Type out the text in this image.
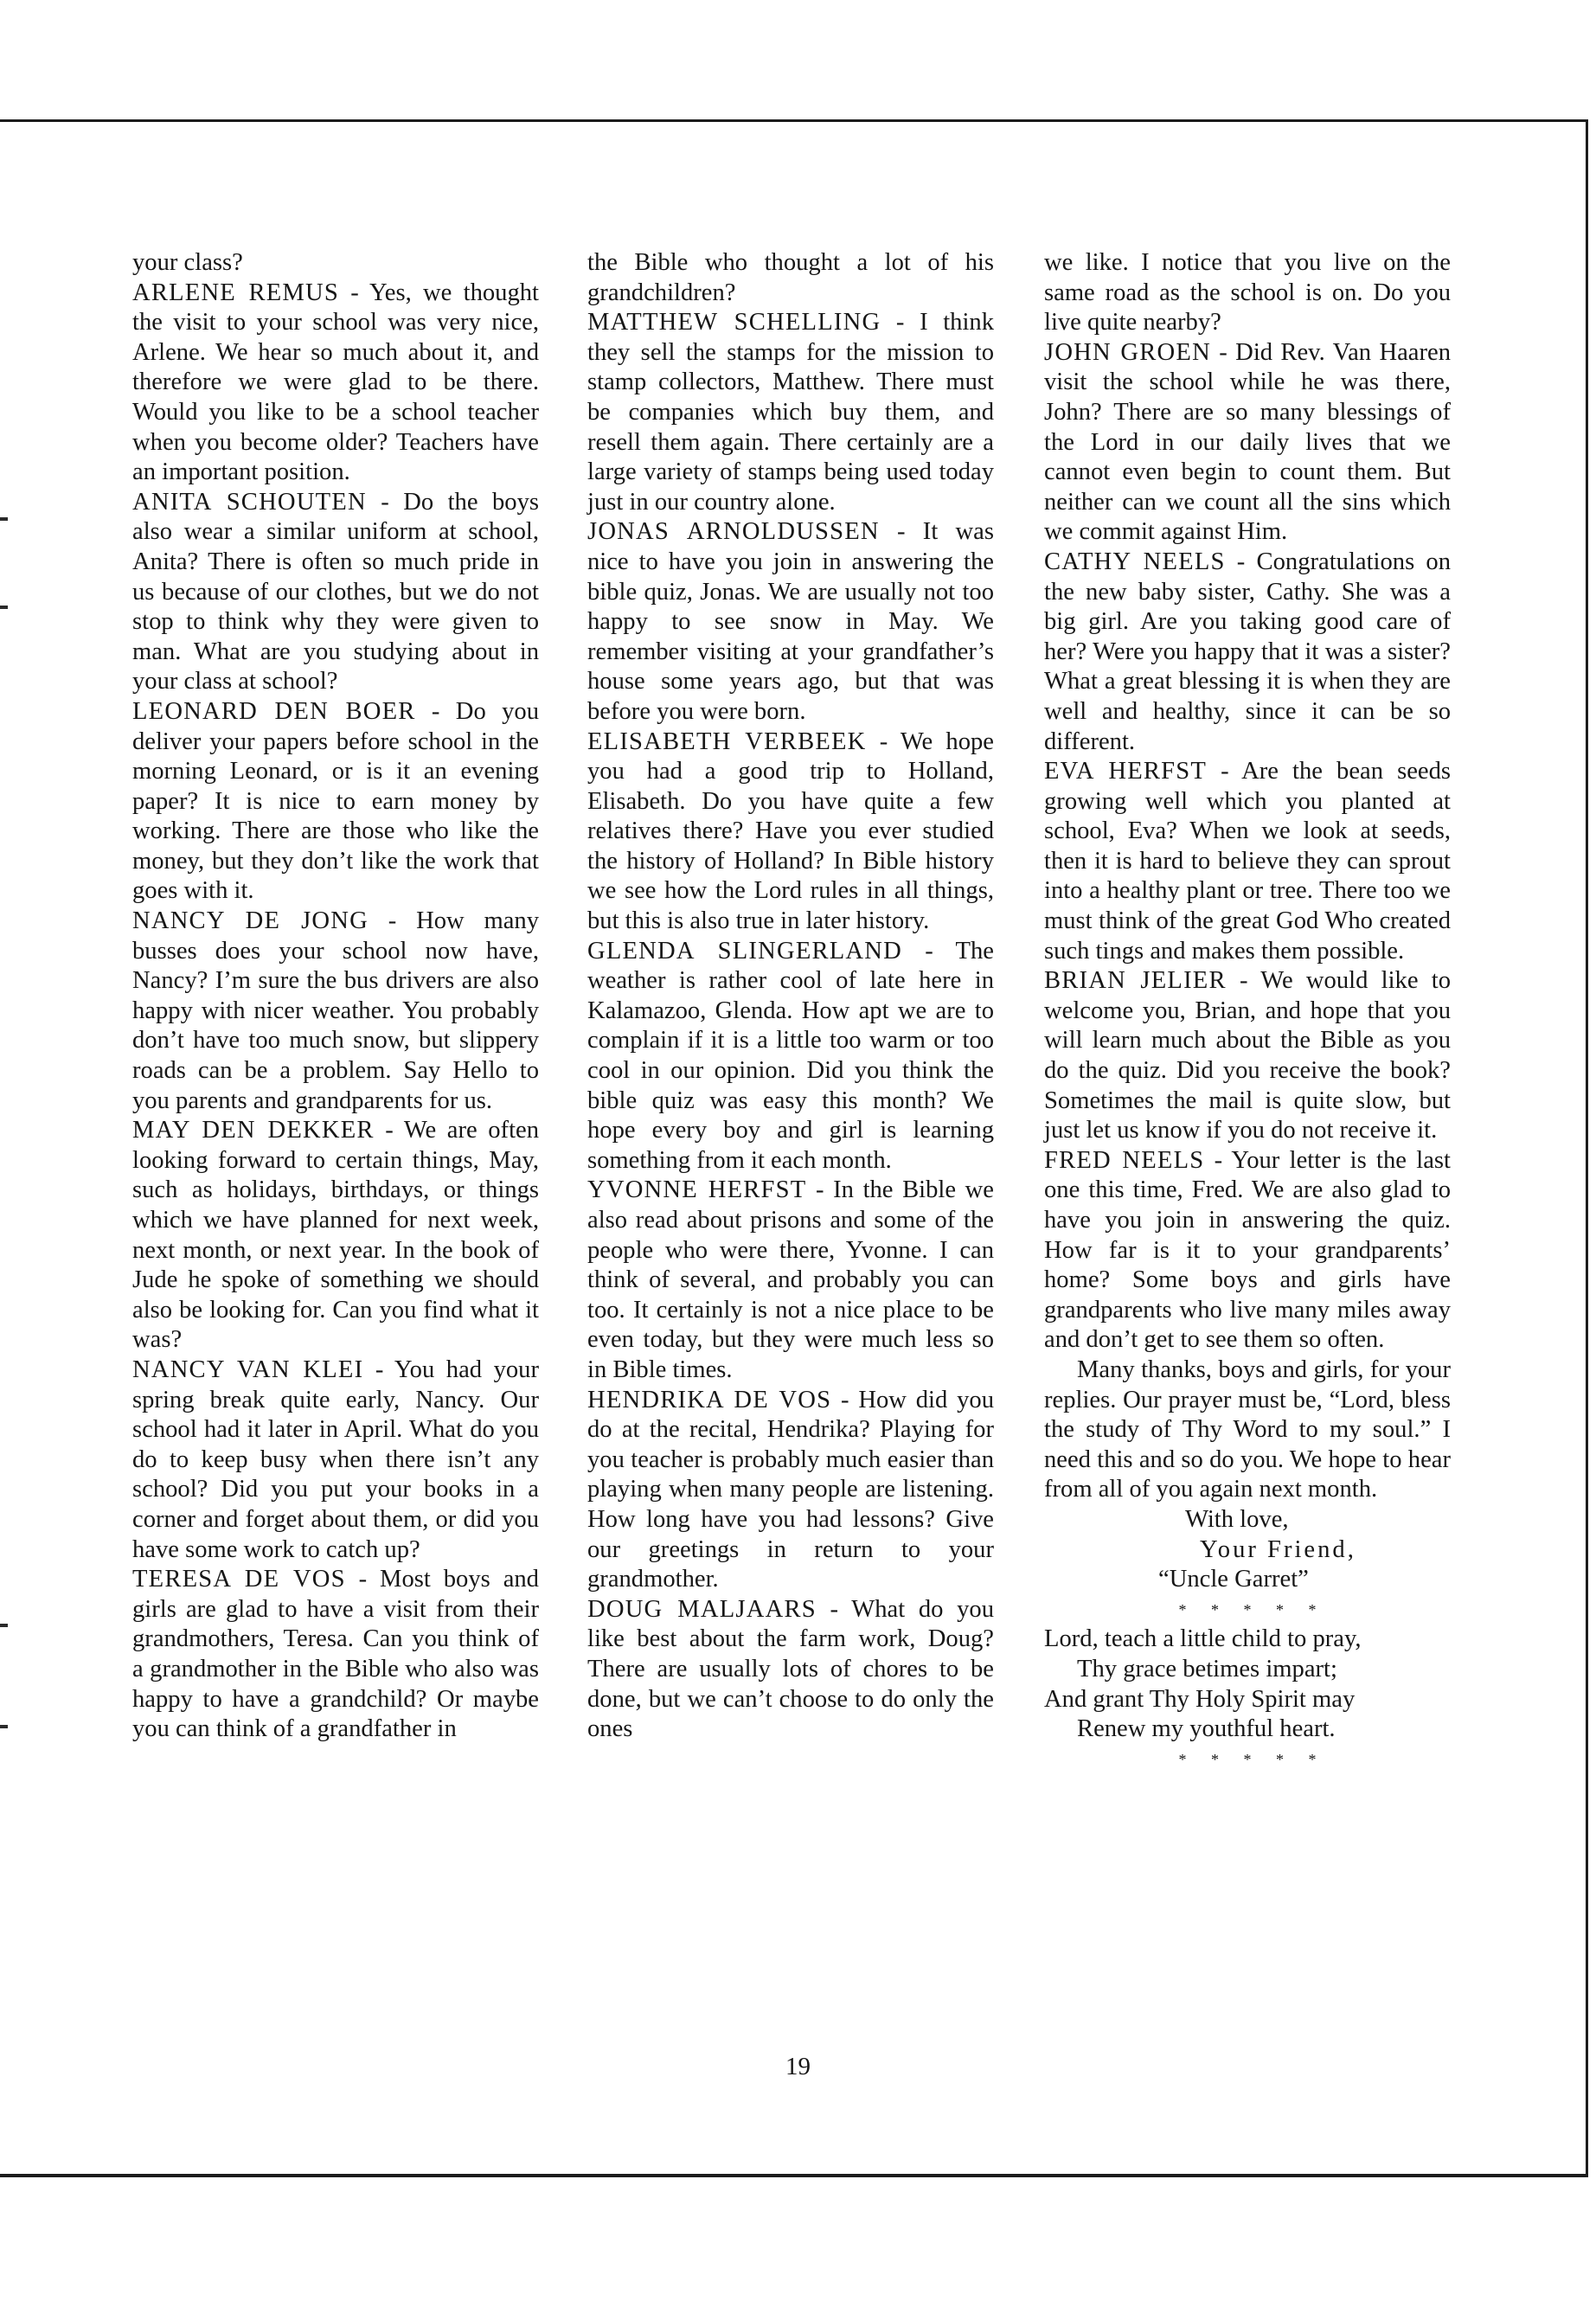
your class?

ARLENE REMUS - Yes, we thought the visit to your school was very nice, Arlene. We hear so much about it, and therefore we were glad to be there. Would you like to be a school teacher when you become older? Teachers have an important position.

ANITA SCHOUTEN - Do the boys also wear a similar uniform at school, Anita? There is often so much pride in us because of our clothes, but we do not stop to think why they were given to man. What are you studying about in your class at school?

LEONARD DEN BOER - Do you deliver your papers before school in the morning Leonard, or is it an evening paper? It is nice to earn money by working. There are those who like the money, but they don’t like the work that goes with it.

NANCY DE JONG - How many busses does your school now have, Nancy? I’m sure the bus drivers are also happy with nicer weather. You probably don’t have too much snow, but slippery roads can be a problem. Say Hello to you parents and grandparents for us.

MAY DEN DEKKER - We are often looking forward to certain things, May, such as holidays, birthdays, or things which we have planned for next week, next month, or next year. In the book of Jude he spoke of something we should also be looking for. Can you find what it was?

NANCY VAN KLEI - You had your spring break quite early, Nancy. Our school had it later in April. What do you do to keep busy when there isn’t any school? Did you put your books in a corner and forget about them, or did you have some work to catch up?

TERESA DE VOS - Most boys and girls are glad to have a visit from their grandmothers, Teresa. Can you think of a grandmother in the Bible who also was happy to have a grandchild? Or maybe you can think of a grandfather in

the Bible who thought a lot of his grandchildren?

MATTHEW SCHELLING - I think they sell the stamps for the mission to stamp collectors, Matthew. There must be companies which buy them, and resell them again. There certainly are a large variety of stamps being used today just in our country alone.

JONAS ARNOLDUSSEN - It was nice to have you join in answering the bible quiz, Jonas. We are usually not too happy to see snow in May. We remember visiting at your grandfather’s house some years ago, but that was before you were born.

ELISABETH VERBEEK - We hope you had a good trip to Holland, Elisabeth. Do you have quite a few relatives there? Have you ever studied the history of Holland? In Bible history we see how the Lord rules in all things, but this is also true in later history.

GLENDA SLINGERLAND - The weather is rather cool of late here in Kalamazoo, Glenda. How apt we are to complain if it is a little too warm or too cool in our opinion. Did you think the bible quiz was easy this month? We hope every boy and girl is learning something from it each month.

YVONNE HERFST - In the Bible we also read about prisons and some of the people who were there, Yvonne. I can think of several, and probably you can too. It certainly is not a nice place to be even today, but they were much less so in Bible times.

HENDRIKA DE VOS - How did you do at the recital, Hendrika? Playing for you teacher is probably much easier than playing when many people are listening. How long have you had lessons? Give our greetings in return to your grandmother.

DOUG MALJAARS - What do you like best about the farm work, Doug? There are usually lots of chores to be done, but we can’t choose to do only the ones

we like. I notice that you live on the same road as the school is on. Do you live quite nearby?

JOHN GROEN - Did Rev. Van Haaren visit the school while he was there, John? There are so many blessings of the Lord in our daily lives that we cannot even begin to count them. But neither can we count all the sins which we commit against Him.

CATHY NEELS - Congratulations on the new baby sister, Cathy. She was a big girl. Are you taking good care of her? Were you happy that it was a sister? What a great blessing it is when they are well and healthy, since it can be so different.

EVA HERFST - Are the bean seeds growing well which you planted at school, Eva? When we look at seeds, then it is hard to believe they can sprout into a healthy plant or tree. There too we must think of the great God Who created such tings and makes them possible.

BRIAN JELIER - We would like to welcome you, Brian, and hope that you will learn much about the Bible as you do the quiz. Did you receive the book? Sometimes the mail is quite slow, but just let us know if you do not receive it.

FRED NEELS - Your letter is the last one this time, Fred. We are also glad to have you join in answering the quiz. How far is it to your grandparents’ home? Some boys and girls have grandparents who live many miles away and don’t get to see them so often.

Many thanks, boys and girls, for your replies. Our prayer must be, “Lord, bless the study of Thy Word to my soul.” I need this and so do you. We hope to hear from all of you again next month.

With love,
Your Friend,
“Uncle Garret”
* * * * *
Lord, teach a little child to pray,
Thy grace betimes impart;
And grant Thy Holy Spirit may
Renew my youthful heart.
* * * * *
19
